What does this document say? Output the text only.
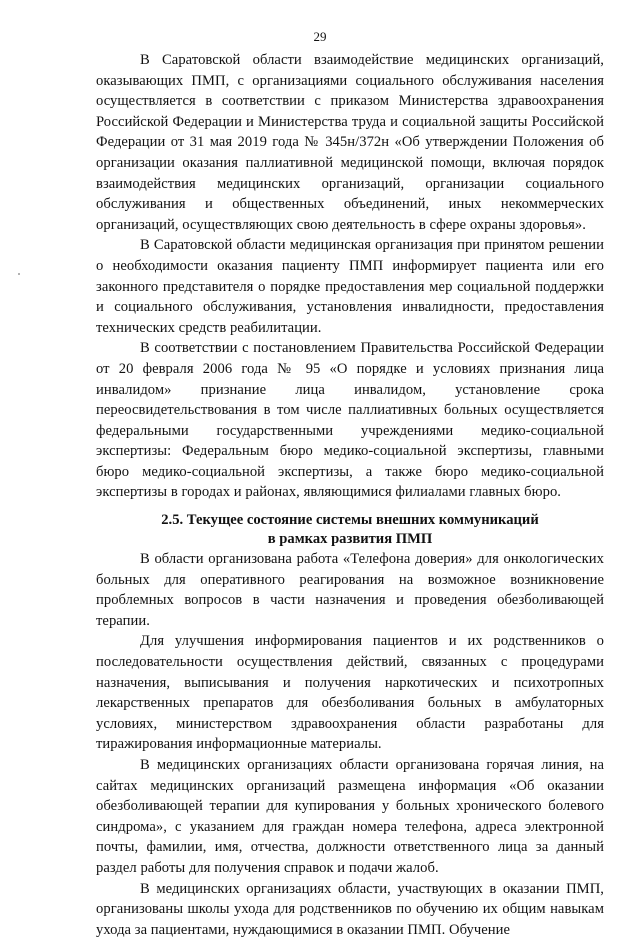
29

В Саратовской области взаимодействие медицинских организаций, оказывающих ПМП, с организациями социального обслуживания населения осуществляется в соответствии с приказом Министерства здравоохранения Российской Федерации и Министерства труда и социальной защиты Российской Федерации от 31 мая 2019 года № 345н/372н «Об утверждении Положения об организации оказания паллиативной медицинской помощи, включая порядок взаимодействия медицинских организаций, организации социального обслуживания и общественных объединений, иных некоммерческих организаций, осуществляющих свою деятельность в сфере охраны здоровья».

В Саратовской области медицинская организация при принятом решении о необходимости оказания пациенту ПМП информирует пациента или его законного представителя о порядке предоставления мер социальной поддержки и социального обслуживания, установления инвалидности, предоставления технических средств реабилитации.

В соответствии с постановлением Правительства Российской Федерации от 20 февраля 2006 года № 95 «О порядке и условиях признания лица инвалидом» признание лица инвалидом, установление срока переосвидетельствования в том числе паллиативных больных осуществляется федеральными государственными учреждениями медико-социальной экспертизы: Федеральным бюро медико-социальной экспертизы, главными бюро медико-социальной экспертизы, а также бюро медико-социальной экспертизы в городах и районах, являющимися филиалами главных бюро.

2.5. Текущее состояние системы внешних коммуникаций
в рамках развития ПМП

В области организована работа «Телефона доверия» для онкологических больных для оперативного реагирования на возможное возникновение проблемных вопросов в части назначения и проведения обезболивающей терапии.

Для улучшения информирования пациентов и их родственников о последовательности осуществления действий, связанных с процедурами назначения, выписывания и получения наркотических и психотропных лекарственных препаратов для обезболивания больных в амбулаторных условиях, министерством здравоохранения области разработаны для тиражирования информационные материалы.

В медицинских организациях области организована горячая линия, на сайтах медицинских организаций размещена информация «Об оказании обезболивающей терапии для купирования у больных хронического болевого синдрома», с указанием для граждан номера телефона, адреса электронной почты, фамилии, имя, отчества, должности ответственного лица за данный раздел работы для получения справок и подачи жалоб.

В медицинских организациях области, участвующих в оказании ПМП, организованы школы ухода для родственников по обучению их общим навыкам ухода за пациентами, нуждающимися в оказании ПМП. Обучение
